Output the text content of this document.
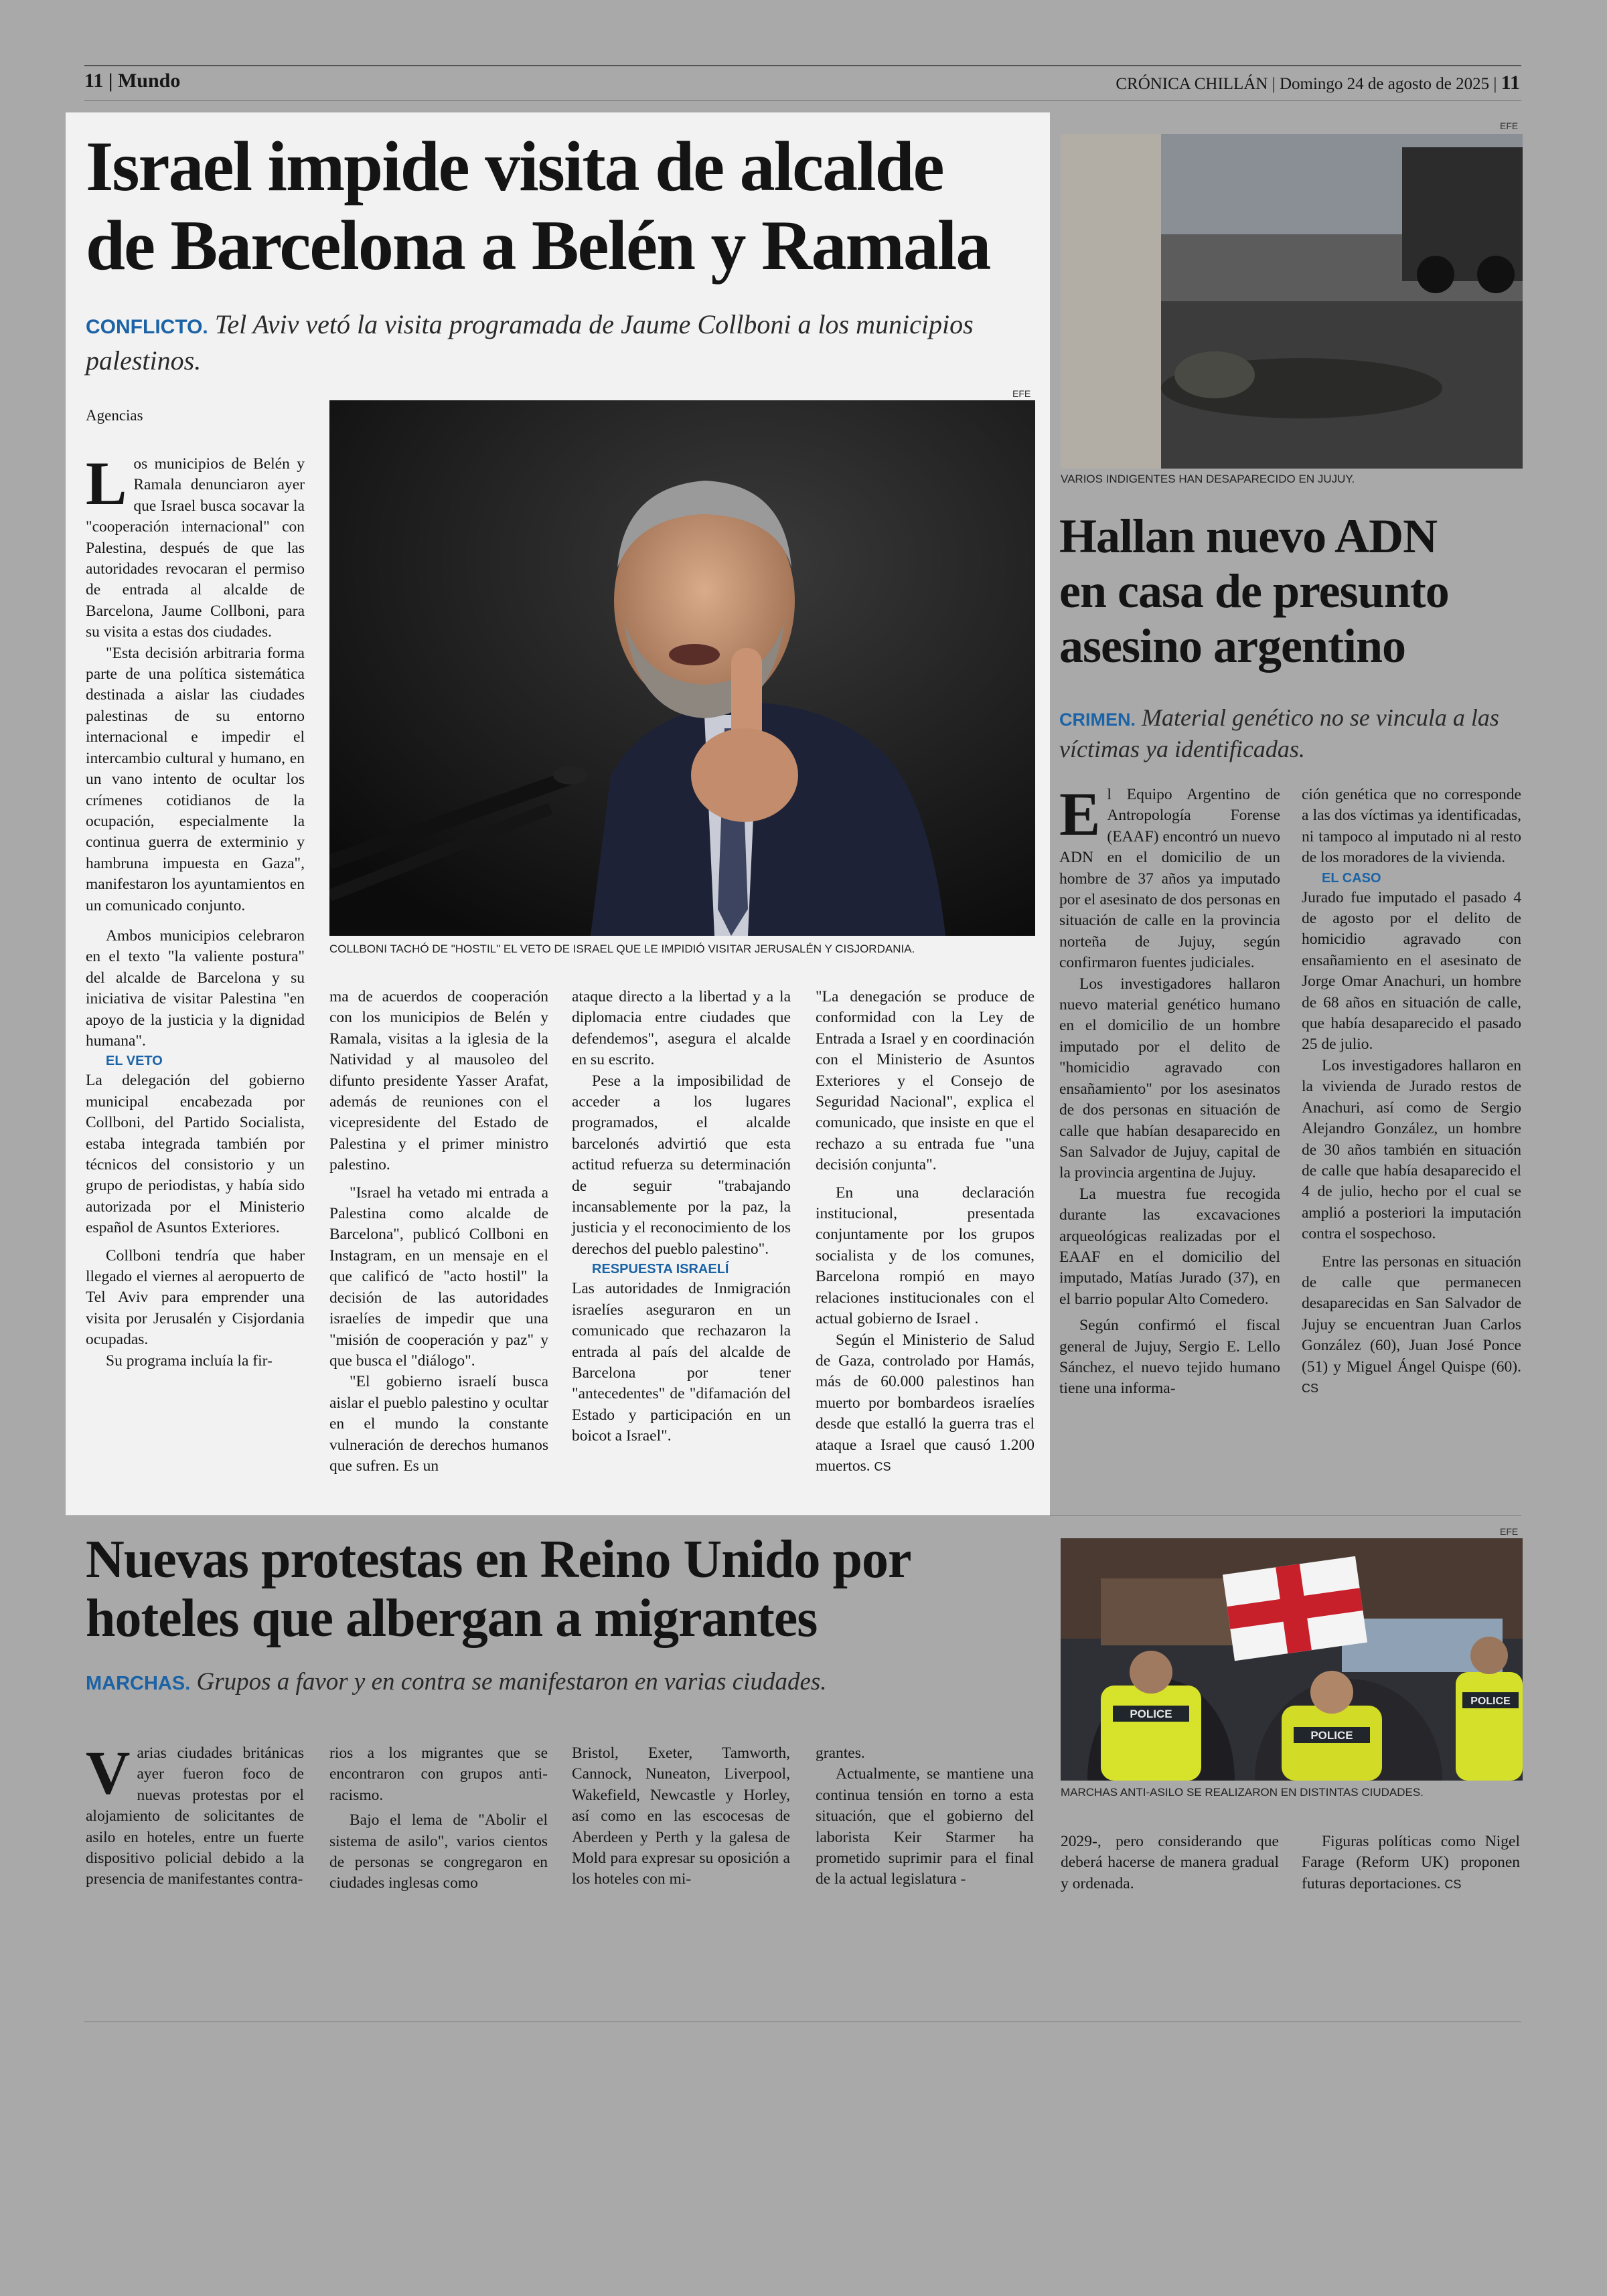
11 | Mundo	CRÓNICA CHILLÁN | Domingo 24 de agosto de 2025 | 11
Israel impide visita de alcalde
de Barcelona a Belén y Ramala
CONFLICTO. Tel Aviv vetó la visita programada de Jaume Collboni a los municipios palestinos.
Agencias
EFE
COLLBONI TACHÓ DE "HOSTIL" EL VETO DE ISRAEL QUE LE IMPIDIÓ VISITAR JERUSALÉN Y CISJORDANIA.

Los municipios de Belén y Ramala denunciaron ayer que Israel busca socavar la "cooperación internacional" con Palestina, después de que las autoridades revocaran el permiso de entrada al alcalde de Barcelona, Jaume Collboni, para su visita a estas dos ciudades.

"Esta decisión arbitraria forma parte de una política sistemática destinada a aislar las ciudades palestinas de su entorno internacional e impedir el intercambio cultural y humano, en un vano intento de ocultar los crímenes cotidianos de la ocupación, especialmente la continua guerra de exterminio y hambruna impuesta en Gaza", manifestaron los ayuntamientos en un comunicado conjunto.

Ambos municipios celebraron en el texto "la valiente postura" del alcalde de Barcelona y su iniciativa de visitar Palestina "en apoyo de la justicia y la dignidad humana".

EL VETO

La delegación del gobierno municipal encabezada por Collboni, del Partido Socialista, estaba integrada también por técnicos del consistorio y un grupo de periodistas, y había sido autorizada por el Ministerio español de Asuntos Exteriores.

Collboni tendría que haber llegado el viernes al aeropuerto de Tel Aviv para emprender una visita por Jerusalén y Cisjordania ocupadas.

Su programa incluía la fir-

ma de acuerdos de cooperación con los municipios de Belén y Ramala, visitas a la iglesia de la Natividad y al mausoleo del difunto presidente Yasser Arafat, además de reuniones con el vicepresidente del Estado de Palestina y el primer ministro palestino.

"Israel ha vetado mi entrada a Palestina como alcalde de Barcelona", publicó Collboni en Instagram, en un mensaje en el que calificó de "acto hostil" la decisión de las autoridades israelíes de impedir que una "misión de cooperación y paz" y que busca el "diálogo".

"El gobierno israelí busca aislar el pueblo palestino y ocultar en el mundo la constante vulneración de derechos humanos que sufren. Es un

ataque directo a la libertad y a la diplomacia entre ciudades que defendemos", asegura el alcalde en su escrito.

Pese a la imposibilidad de acceder a los lugares programados, el alcalde barcelonés advirtió que esta actitud refuerza su determinación de seguir "trabajando incansablemente por la paz, la justicia y el reconocimiento de los derechos del pueblo palestino".

RESPUESTA ISRAELÍ

Las autoridades de Inmigración israelíes aseguraron en un comunicado que rechazaron la entrada al país del alcalde de Barcelona por tener "antecedentes" de "difamación del Estado y participación en un boicot a Israel".

"La denegación se produce de conformidad con la Ley de Entrada a Israel y en coordinación con el Ministerio de Asuntos Exteriores y el Consejo de Seguridad Nacional", explica el comunicado, que insiste en que el rechazo a su entrada fue "una decisión conjunta".

En una declaración institucional, presentada conjuntamente por los grupos socialista y de los comunes, Barcelona rompió en mayo relaciones institucionales con el actual gobierno de Israel .

Según el Ministerio de Salud de Gaza, controlado por Hamás, más de 60.000 palestinos han muerto por bombardeos israelíes desde que estalló la guerra tras el ataque a Israel que causó 1.200 muertos. CS

EFE
VARIOS INDIGENTES HAN DESAPARECIDO EN JUJUY.
Hallan nuevo ADN
en casa de presunto
asesino argentino
CRIMEN. Material genético no se vincula a las víctimas ya identificadas.

El Equipo Argentino de Antropología Forense (EAAF) encontró un nuevo ADN en el domicilio de un hombre de 37 años ya imputado por el asesinato de dos personas en situación de calle en la provincia norteña de Jujuy, según confirmaron fuentes judiciales.

Los investigadores hallaron nuevo material genético humano en el domicilio de un hombre imputado por el delito de "homicidio agravado con ensañamiento" por los asesinatos de dos personas en situación de calle que habían desaparecido en San Salvador de Jujuy, capital de la provincia argentina de Jujuy.

La muestra fue recogida durante las excavaciones arqueológicas realizadas por el EAAF en el domicilio del imputado, Matías Jurado (37), en el barrio popular Alto Comedero.

Según confirmó el fiscal general de Jujuy, Sergio E. Lello Sánchez, el nuevo tejido humano tiene una informa-

ción genética que no corresponde a las dos víctimas ya identificadas, ni tampoco al imputado ni al resto de los moradores de la vivienda.

EL CASO

Jurado fue imputado el pasado 4 de agosto por el delito de homicidio agravado con ensañamiento en el asesinato de Jorge Omar Anachuri, un hombre de 68 años en situación de calle, que había desaparecido el pasado 25 de julio.

Los investigadores hallaron en la vivienda de Jurado restos de Anachuri, así como de Sergio Alejandro González, un hombre de 30 años también en situación de calle que había desaparecido el 4 de julio, hecho por el cual se amplió a posteriori la imputación contra el sospechoso.

Entre las personas en situación de calle que permanecen desaparecidas en San Salvador de Jujuy se encuentran Juan Carlos González (60), Juan José Ponce (51) y Miguel Ángel Quispe (60). CS

Nuevas protestas en Reino Unido por
hoteles que albergan a migrantes
MARCHAS. Grupos a favor y en contra se manifestaron en varias ciudades.
EFE
POLICE
POLICE
POLICE
MARCHAS ANTI-ASILO SE REALIZARON EN DISTINTAS CIUDADES.

Varias ciudades británicas ayer fueron foco de nuevas protestas por el alojamiento de solicitantes de asilo en hoteles, entre un fuerte dispositivo policial debido a la presencia de manifestantes contra-

rios a los migrantes que se encontraron con grupos anti-racismo.

Bajo el lema de "Abolir el sistema de asilo", varios cientos de personas se congregaron en ciudades inglesas como

Bristol, Exeter, Tamworth, Cannock, Nuneaton, Liverpool, Wakefield, Newcastle y Horley, así como en las escocesas de Aberdeen y Perth y la galesa de Mold para expresar su oposición a los hoteles con mi-

grantes.

Actualmente, se mantiene una continua tensión en torno a esta situación, que el gobierno del laborista Keir Starmer ha prometido suprimir para el final de la actual legislatura -

2029-, pero considerando que deberá hacerse de manera gradual y ordenada.

Figuras políticas como Nigel Farage (Reform UK) proponen futuras deportaciones. CS
